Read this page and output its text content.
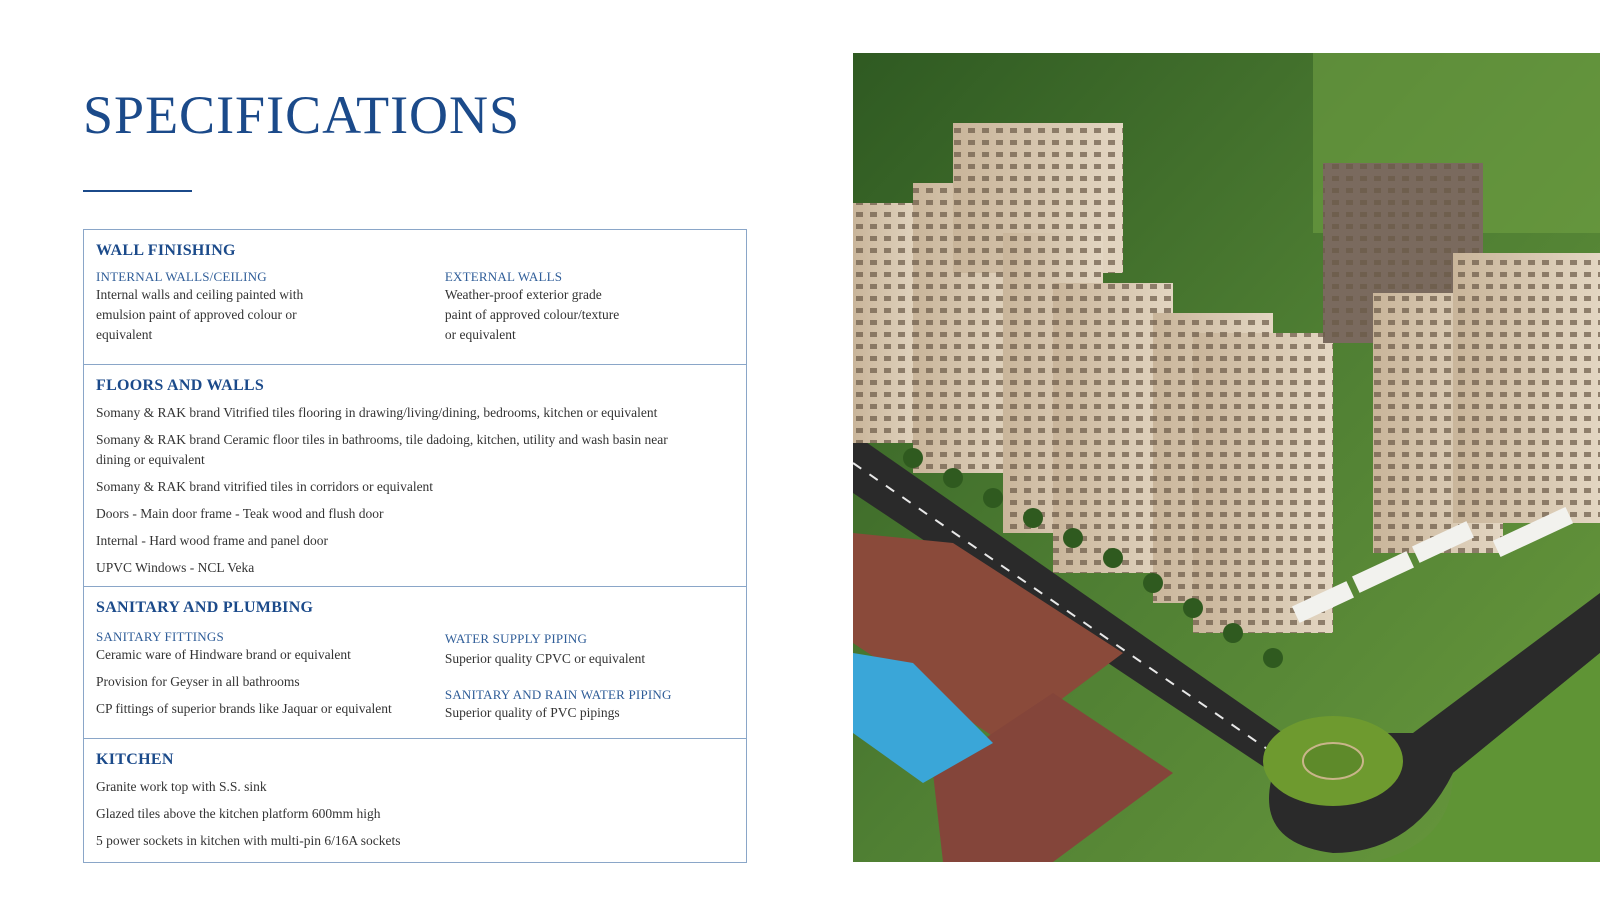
SPECIFICATIONS
WALL FINISHING
INTERNAL WALLS/CEILING
Internal walls and ceiling painted with
emulsion paint of approved colour or
equivalent
EXTERNAL WALLS
Weather-proof exterior grade
paint of approved colour/texture
or equivalent
FLOORS AND WALLS
Somany & RAK brand Vitrified tiles flooring in drawing/living/dining, bedrooms, kitchen or equivalent
Somany & RAK brand Ceramic floor tiles in bathrooms, tile dadoing, kitchen, utility and wash basin near
dining or equivalent
Somany & RAK brand vitrified tiles in corridors or equivalent
Doors - Main door frame - Teak wood and flush door
Internal - Hard wood frame and panel door
UPVC Windows - NCL Veka
SANITARY AND PLUMBING
SANITARY FITTINGS
Ceramic ware of Hindware brand or equivalent
Provision for Geyser in all bathrooms
CP fittings of superior brands like Jaquar or equivalent
WATER SUPPLY PIPING
Superior quality CPVC or equivalent
SANITARY AND RAIN WATER PIPING
Superior quality of PVC pipings
KITCHEN
Granite work top with S.S. sink
Glazed tiles above the kitchen platform 600mm high
5 power sockets in kitchen with multi-pin 6/16A sockets
